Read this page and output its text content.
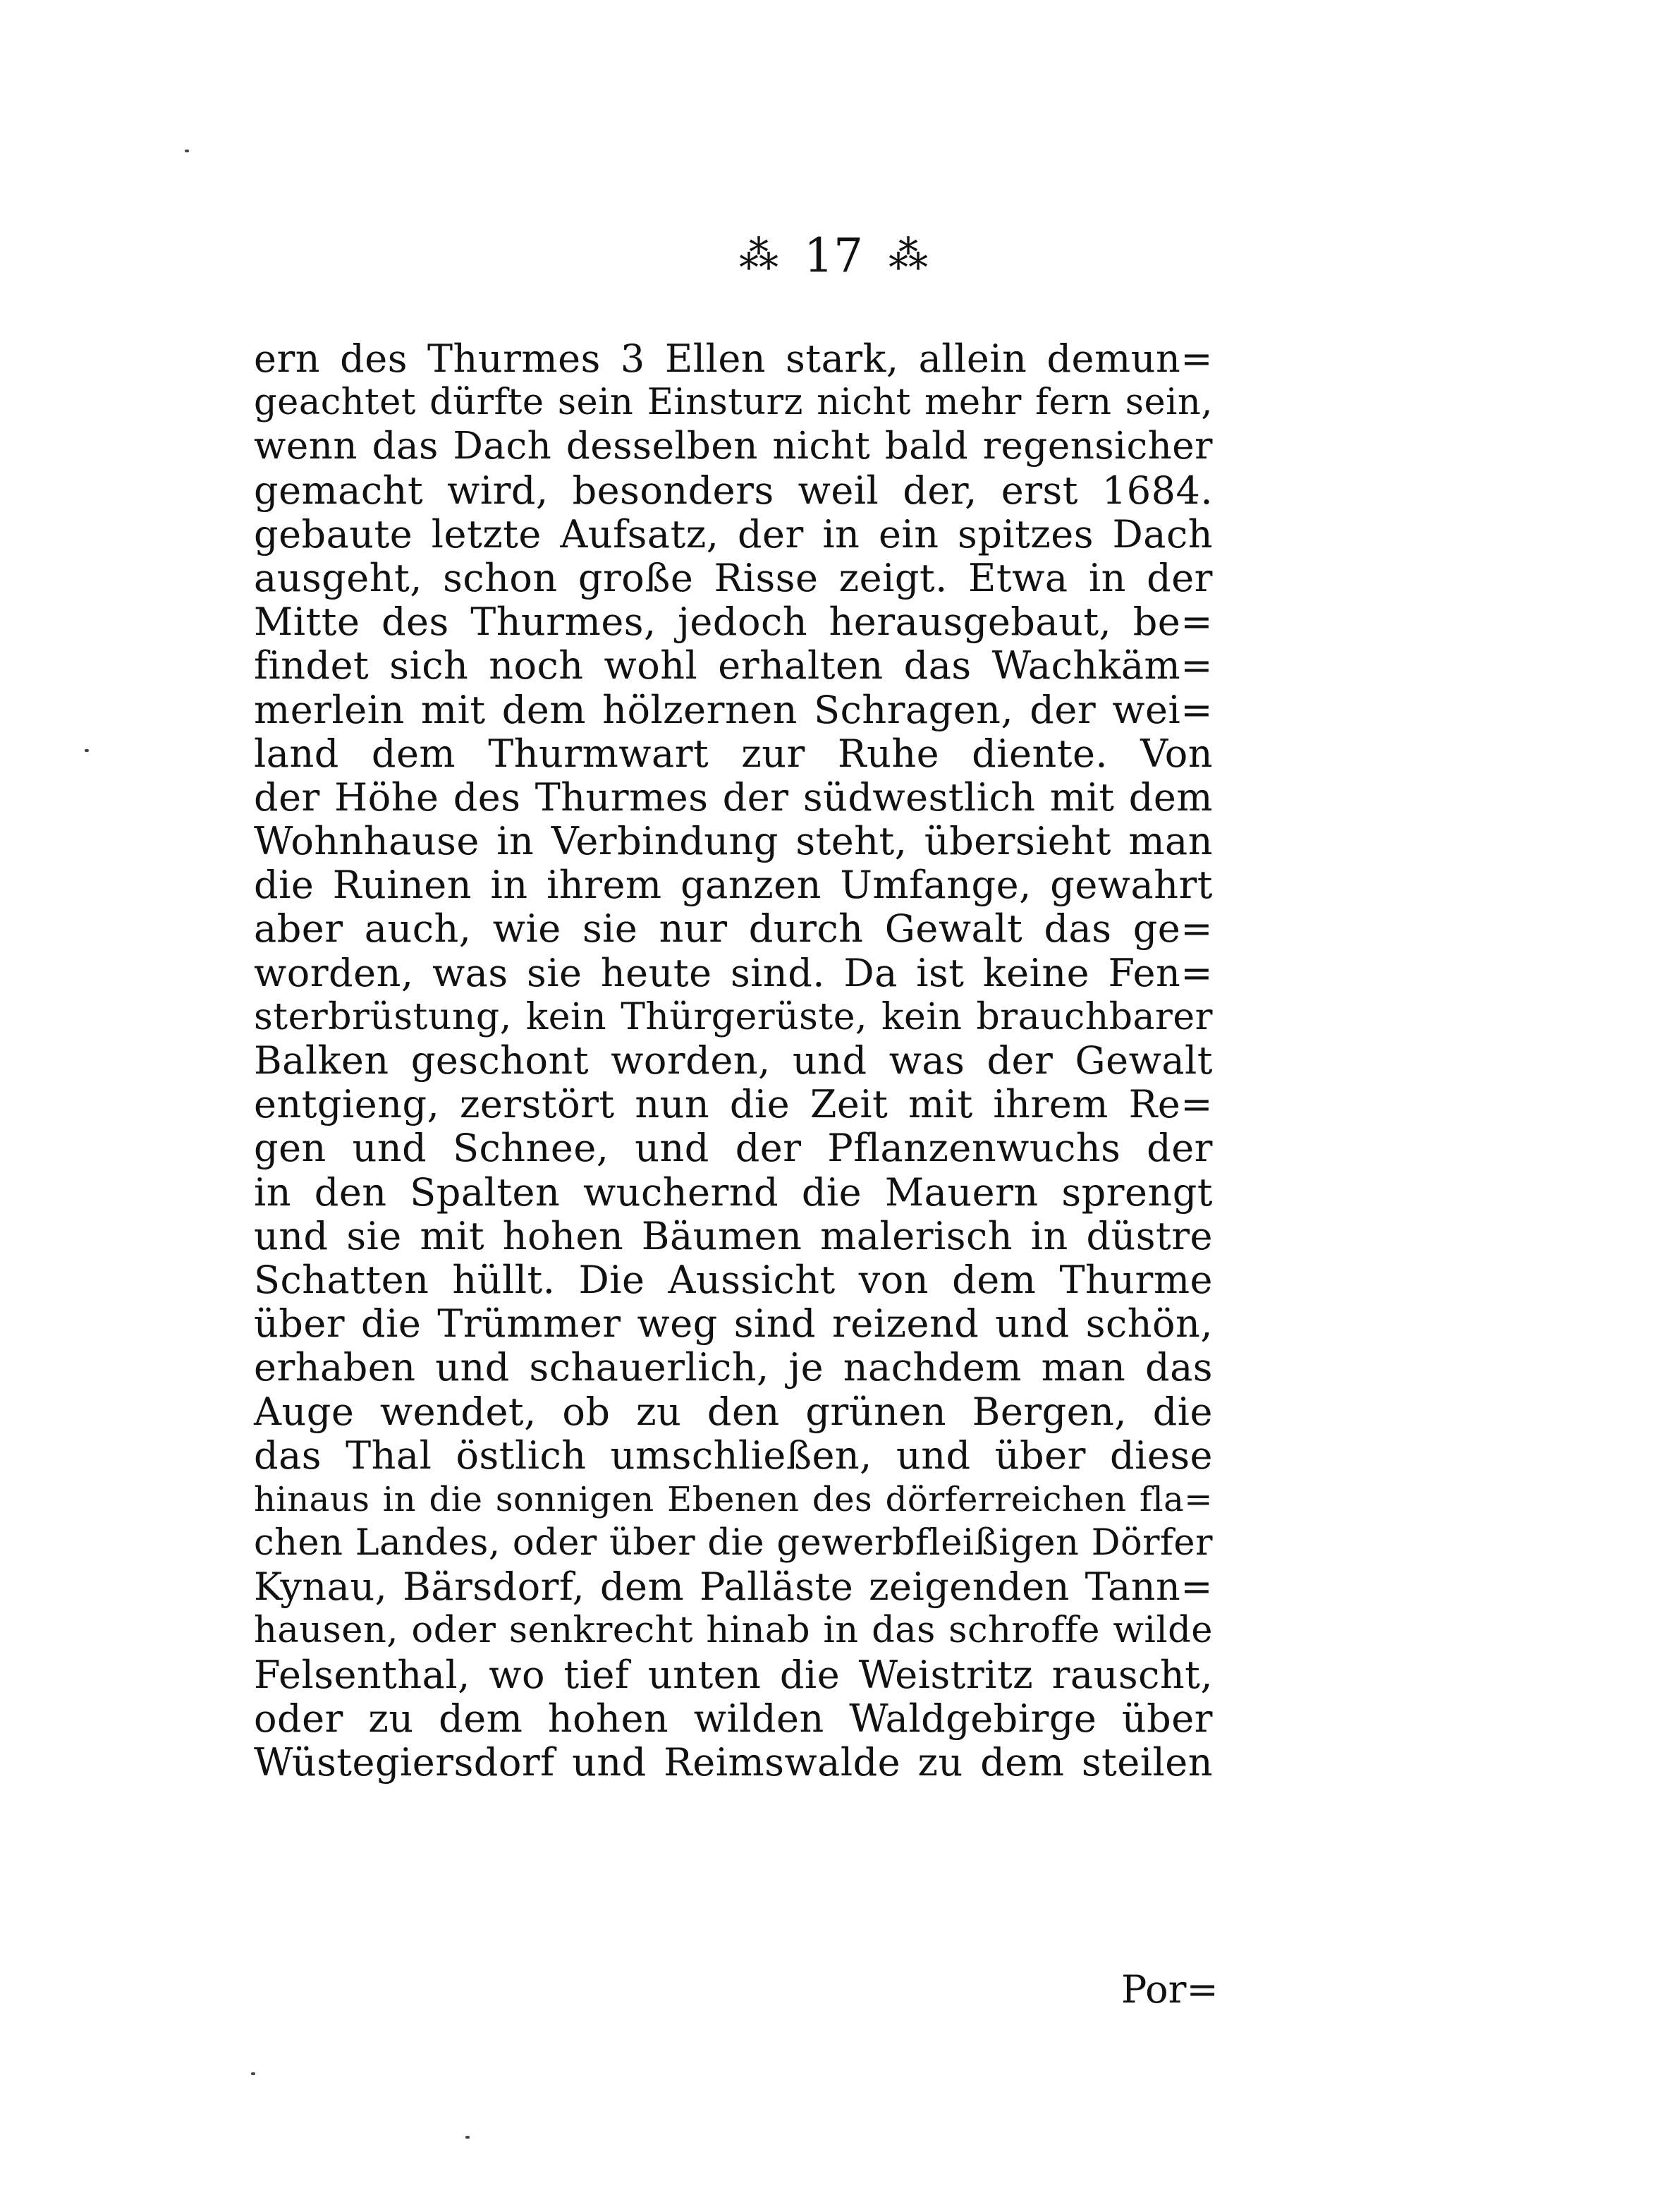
⁂ 17 ⁂
ern des Thurmes 3 Ellen stark, allein demun=
geachtet dürfte sein Einsturz nicht mehr fern sein,
wenn das Dach desselben nicht bald regensicher
gemacht wird, besonders weil der, erst 1684.
gebaute letzte Aufsatz, der in ein spitzes Dach
ausgeht, schon große Risse zeigt. Etwa in der
Mitte des Thurmes, jedoch herausgebaut, be=
findet sich noch wohl erhalten das Wachkäm=
merlein mit dem hölzernen Schragen, der wei=
land dem Thurmwart zur Ruhe diente. Von
der Höhe des Thurmes der südwestlich mit dem
Wohnhause in Verbindung steht, übersieht man
die Ruinen in ihrem ganzen Umfange, gewahrt
aber auch, wie sie nur durch Gewalt das ge=
worden, was sie heute sind. Da ist keine Fen=
sterbrüstung, kein Thürgerüste, kein brauchbarer
Balken geschont worden, und was der Gewalt
entgieng, zerstört nun die Zeit mit ihrem Re=
gen und Schnee, und der Pflanzenwuchs der
in den Spalten wuchernd die Mauern sprengt
und sie mit hohen Bäumen malerisch in düstre
Schatten hüllt. Die Aussicht von dem Thurme
über die Trümmer weg sind reizend und schön,
erhaben und schauerlich, je nachdem man das
Auge wendet, ob zu den grünen Bergen, die
das Thal östlich umschließen, und über diese
hinaus in die sonnigen Ebenen des dörferreichen fla=
chen Landes, oder über die gewerbfleißigen Dörfer
Kynau, Bärsdorf, dem Palläste zeigenden Tann=
hausen, oder senkrecht hinab in das schroffe wilde
Felsenthal, wo tief unten die Weistritz rauscht,
oder zu dem hohen wilden Waldgebirge über
Wüstegiersdorf und Reimswalde zu dem steilen
Por=
